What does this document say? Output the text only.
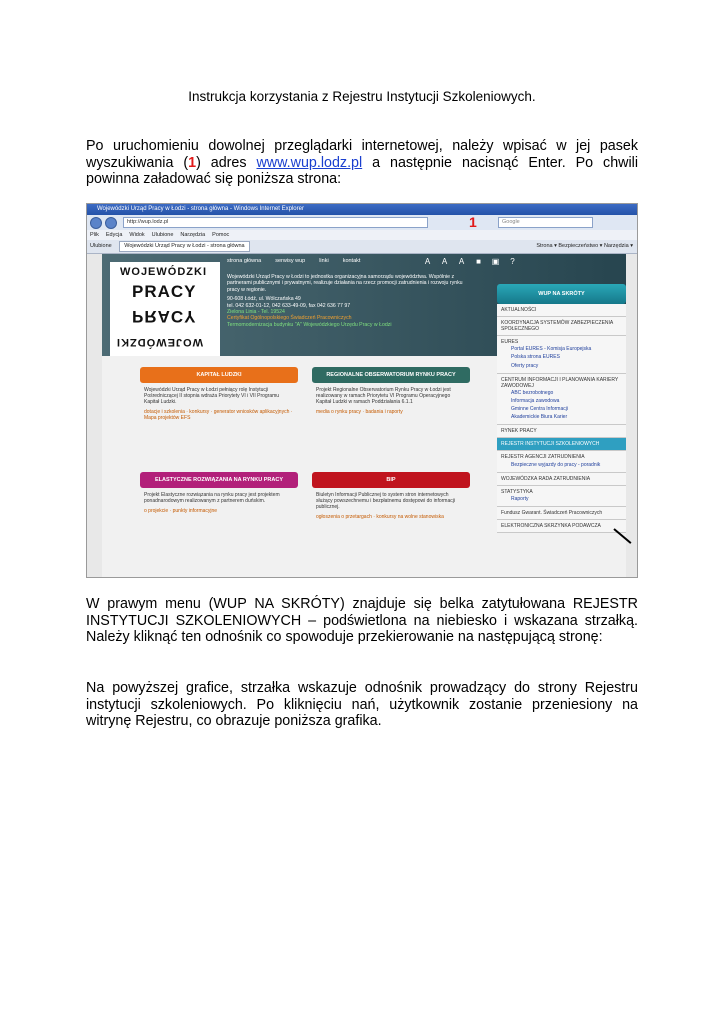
Instrukcja korzystania z Rejestru Instytucji Szkoleniowych.
Po uruchomieniu dowolnej przeglądarki internetowej, należy wpisać w jej pasek wyszukiwania (1) adres www.wup.lodz.pl a następnie nacisnąć Enter. Po chwili powinna załadować się poniższa strona:
Wojewódzki Urząd Pracy w Łodzi - strona główna - Windows Internet Explorer
http://wup.lodz.pl	1	Google
Plik Edycja Widok Ulubione Narzędzia Pomoc
Ulubione Wojewódzki Urząd Pracy w Łodzi - strona główna	Strona ▾ Bezpieczeństwo ▾ Narzędzia ▾
strona główna	serwisy wup	linki	kontakt	A	A	A	■	▣	?
WOJEWÓDZKI
PRACY
PRACY
WOJEWÓDZKI
Wojewódzki Urząd Pracy w Łodzi to jednostka organizacyjna samorządu województwa. Wspólnie z partnerami publicznymi i prywatnymi, realizuje działania na rzecz promocji zatrudnienia i rozwoju rynku pracy w regionie.
90-608 Łódź, ul. Wólczańska 49
tel. 042 632-01-12, 042 633-49-09, fax 042 636 77 97
Zielona Linia - Tel. 19524
Certyfikat Ogólnopolskiego Świadczeń Pracowniczych
Termomodernizacja budynku "A" Wojewódzkiego Urzędu Pracy w Łodzi
KAPITAŁ LUDZKI
Wojewódzki Urząd Pracy w Łodzi pełniący rolę Instytucji Pośredniczącej II stopnia wdraża Priorytety VI i VII Programu Kapitał Ludzki.
dotacje i szkolenia · konkursy · generator wniosków aplikacyjnych · Mapa projektów EFS
REGIONALNE OBSERWATORIUM RYNKU PRACY
Projekt Regionalne Obserwatorium Rynku Pracy w Łodzi jest realizowany w ramach Priorytetu VI Programu Operacyjnego Kapitał Ludzki w ramach Poddziałania 6.1.1
media o rynku pracy · badania i raporty
ELASTYCZNE ROZWIĄZANIA NA RYNKU PRACY
Projekt Elastyczne rozwiązania na rynku pracy jest projektem ponadnarodowym realizowanym z partnerem duńskim.
o projekcie · punkty informacyjne
BIP
Biuletyn Informacji Publicznej to system stron internetowych służący powszechnemu i bezpłatnemu dostępowi do informacji publicznej.
ogłoszenia o przetargach · konkursy na wolne stanowiska
WUP NA SKRÓTY
AKTUALNOŚCI
KOORDYNACJA SYSTEMÓW ZABEZPIECZENIA SPOŁECZNEGO
EURES
Portal EURES - Komisja Europejska
Polska strona EURES
Oferty pracy
CENTRUM INFORMACJI I PLANOWANIA KARIERY ZAWODOWEJ
ABC bezrobotnego
Informacja zawodowa
Gminne Centra Informacji
Akademickie Biura Karier
RYNEK PRACY
REJESTR INSTYTUCJI SZKOLENIOWYCH
REJESTR AGENCJI ZATRUDNIENIA
Bezpieczne wyjazdy do pracy - poradnik
WOJEWÓDZKA RADA ZATRUDNIENIA
STATYSTYKA
Raporty
Fundusz Gwarant. Świadczeń Pracowniczych
ELEKTRONICZNA SKRZYNKA PODAWCZA
W prawym menu (WUP NA SKRÓTY) znajduje się belka zatytułowana REJESTR INSTYTUCJI SZKOLENIOWYCH – podświetlona na niebiesko i wskazana strzałką. Należy kliknąć ten odnośnik co spowoduje przekierowanie na następującą stronę:
Na powyższej grafice, strzałka wskazuje odnośnik prowadzący do strony Rejestru instytucji szkoleniowych. Po kliknięciu nań, użytkownik zostanie przeniesiony na witrynę Rejestru, co obrazuje poniższa grafika.
